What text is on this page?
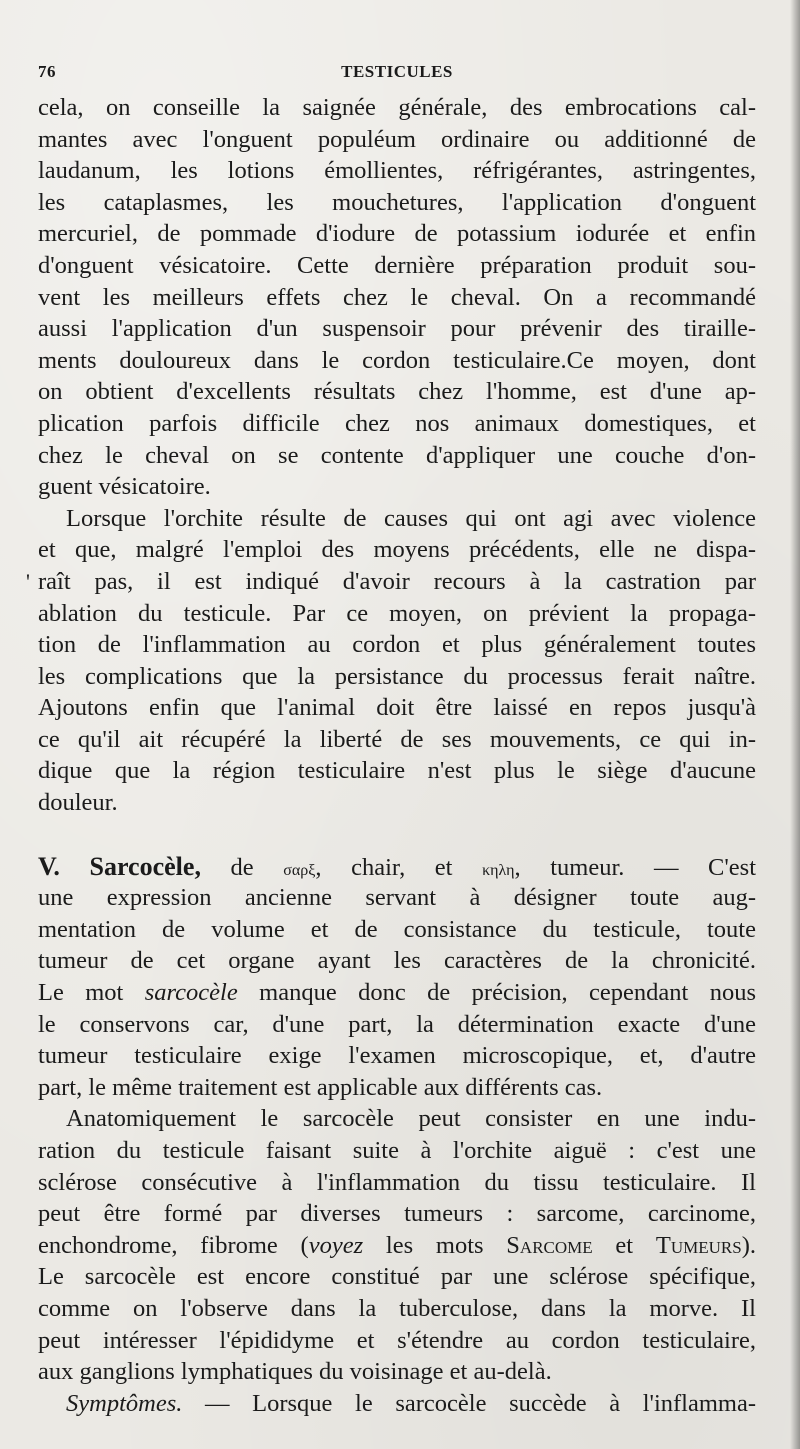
'
76	TESTICULES
cela, on conseille la saignée générale, des embrocations cal-
mantes avec l'onguent populéum ordinaire ou additionné de
laudanum, les lotions émollientes, réfrigérantes, astringentes,
les cataplasmes, les mouchetures, l'application d'onguent
mercuriel, de pommade d'iodure de potassium iodurée et enfin
d'onguent vésicatoire. Cette dernière préparation produit sou-
vent les meilleurs effets chez le cheval. On a recommandé
aussi l'application d'un suspensoir pour prévenir des tiraille-
ments douloureux dans le cordon testiculaire.Ce moyen, dont
on obtient d'excellents résultats chez l'homme, est d'une ap-
plication parfois difficile chez nos animaux domestiques, et
chez le cheval on se contente d'appliquer une couche d'on-
guent vésicatoire.
Lorsque l'orchite résulte de causes qui ont agi avec violence
et que, malgré l'emploi des moyens précédents, elle ne dispa-
raît pas, il est indiqué d'avoir recours à la castration par
ablation du testicule. Par ce moyen, on prévient la propaga-
tion de l'inflammation au cordon et plus généralement toutes
les complications que la persistance du processus ferait naître.
Ajoutons enfin que l'animal doit être laissé en repos jusqu'à
ce qu'il ait récupéré la liberté de ses mouvements, ce qui in-
dique que la région testiculaire n'est plus le siège d'aucune
douleur.
V. Sarcocèle, de σαρξ, chair, et κηλη, tumeur. — C'est
une expression ancienne servant à désigner toute aug-
mentation de volume et de consistance du testicule, toute
tumeur de cet organe ayant les caractères de la chronicité.
Le mot sarcocèle manque donc de précision, cependant nous
le conservons car, d'une part, la détermination exacte d'une
tumeur testiculaire exige l'examen microscopique, et, d'autre
part, le même traitement est applicable aux différents cas.
Anatomiquement le sarcocèle peut consister en une indu-
ration du testicule faisant suite à l'orchite aiguë : c'est une
sclérose consécutive à l'inflammation du tissu testiculaire. Il
peut être formé par diverses tumeurs : sarcome, carcinome,
enchondrome, fibrome (voyez les mots Sarcome et Tumeurs).
Le sarcocèle est encore constitué par une sclérose spécifique,
comme on l'observe dans la tuberculose, dans la morve. Il
peut intéresser l'épididyme et s'étendre au cordon testiculaire,
aux ganglions lymphatiques du voisinage et au-delà.
Symptômes. — Lorsque le sarcocèle succède à l'inflamma-
